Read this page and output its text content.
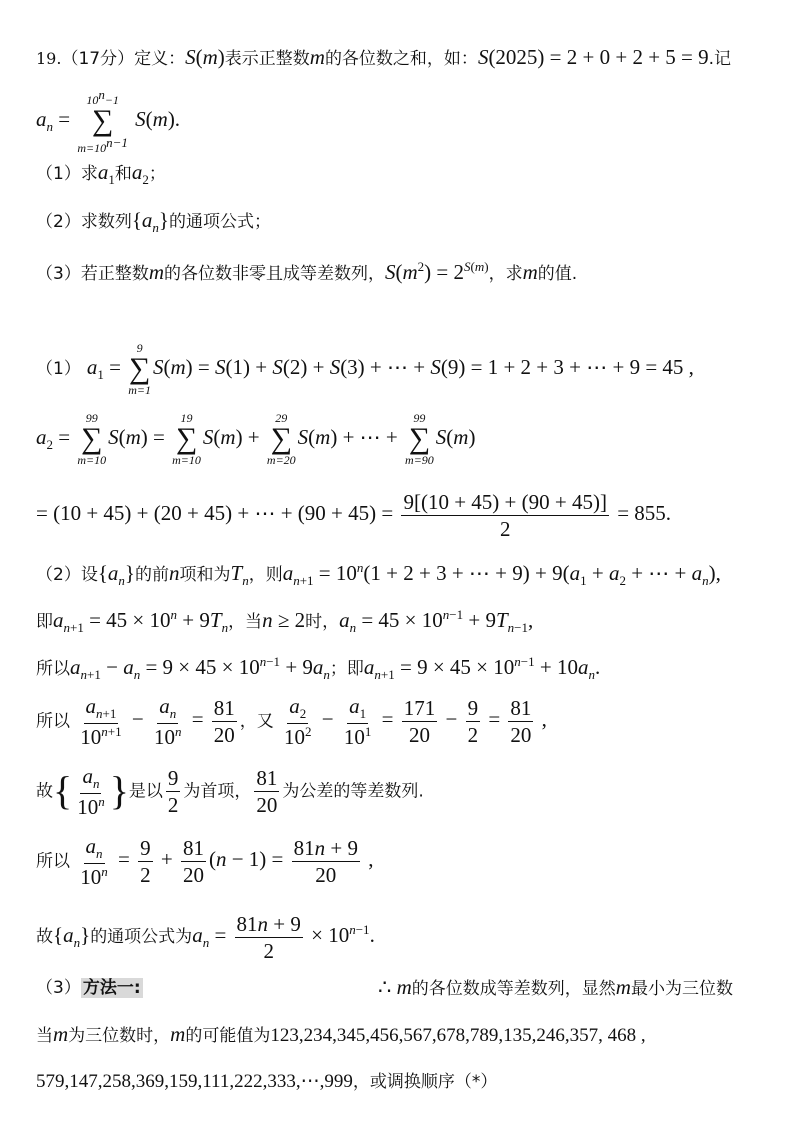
19.（17分）定义：S(m)表示正整数m的各位数之和，如：S(2025) = 2 + 0 + 2 + 5 = 9.记
$a_n$ =
$10^n-1$
∑
$m=10^{n-1}$
S(m).
（1）求$a_1$和$a_2$；
（2）求数列$\{a_n\}$的通项公式；
（3）若正整数m的各位数非零且成等差数列，$S(m^2) = 2^{S(m)}$，求m的值.
（1） $a_1$ =
9
∑
m=1
S(m) = S(1) + S(2) + S(3) + ⋯ + S(9) = 1 + 2 + 3 + ⋯ + 9 = 45 ,
$a_2$ =
99
∑
m=10
S(m) =
19
∑
m=10
S(m) +
29
∑
m=20
S(m) + ⋯ +
99
∑
m=90
S(m)
= (10 + 45) + (20 + 45) + ⋯ + $(90 + 45) = \frac{9[(10 + 45) + (90 + 45)]}{2} = 855$.
（2）设$\{a_n\}$的前n项和为$T_n$，则$a_{n+1} = 10^n(1 + 2 + 3$ + ⋯ + $9) + 9(a_1 + a_2$ + ⋯ + $a_n$),
即$a_{n+1} = 45 \times 10^n + 9T_n$，当n ≥ 2时，$a_n = 45 \times 10^{n-1} + 9T_{n-1}$,
所以$a_{n+1} - a_n = 9 \times 45 \times 10^{n-1} + 9a_n$；即$a_{n+1} = 9 \times 45 \times 10^{n-1} + 10a_n$.
所以 $\frac{a_{n+1}}{10^{n+1}} - \frac{a_n}{10^n} = \frac{81}{20}$ ，又 $\frac{a_2}{10^2} - \frac{a_1}{10^1} = \frac{171}{20} - \frac{9}{2} = \frac{81}{20}$ ,
故{ $\frac{a_n}{10^n}$ }是以 $\frac{9}{2}$ 为首项， $\frac{81}{20}$ 为公差的等差数列.
所以 $\frac{a_n}{10^n} = \frac{9}{2} + \frac{81}{20} (n - 1) = \frac{81n + 9}{20}$ ,
故$\{a_n\}$的通项公式为$a_n = \frac{81n + 9}{2} \times 10^{n-1}$.
（3） 方法一:	∴ m的各位数成等差数列，显然m最小为三位数
当m为三位数时，m的可能值为123,234,345,456,567,678,789,135,246,357, 468 ,
579,147,258,369,159,111,222,333,⋯,999，或调换顺序（*）
